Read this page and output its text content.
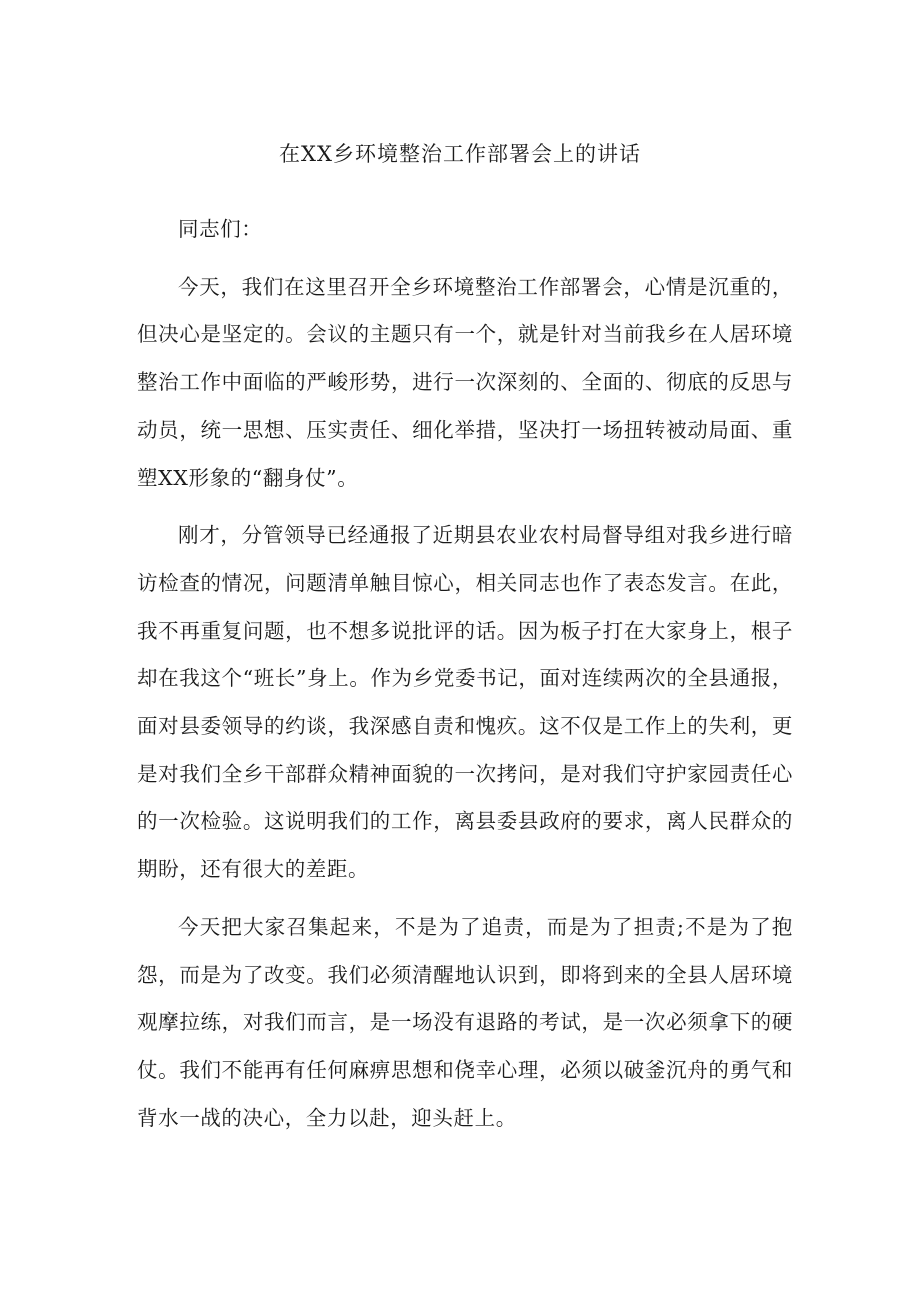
在XX乡环境整治工作部署会上的讲话

同志们：

今天，我们在这里召开全乡环境整治工作部署会，心情是沉重的，但决心是坚定的。会议的主题只有一个，就是针对当前我乡在人居环境整治工作中面临的严峻形势，进行一次深刻的、全面的、彻底的反思与动员，统一思想、压实责任、细化举措，坚决打一场扭转被动局面、重塑XX形象的“翻身仗”。

刚才，分管领导已经通报了近期县农业农村局督导组对我乡进行暗访检查的情况，问题清单触目惊心，相关同志也作了表态发言。在此，我不再重复问题，也不想多说批评的话。因为板子打在大家身上，根子却在我这个“班长”身上。作为乡党委书记，面对连续两次的全县通报，面对县委领导的约谈，我深感自责和愧疚。这不仅是工作上的失利，更是对我们全乡干部群众精神面貌的一次拷问，是对我们守护家园责任心的一次检验。这说明我们的工作，离县委县政府的要求，离人民群众的期盼，还有很大的差距。

今天把大家召集起来，不是为了追责，而是为了担责;不是为了抱怨，而是为了改变。我们必须清醒地认识到，即将到来的全县人居环境观摩拉练，对我们而言，是一场没有退路的考试，是一次必须拿下的硬仗。我们不能再有任何麻痹思想和侥幸心理，必须以破釜沉舟的勇气和背水一战的决心，全力以赴，迎头赶上。
